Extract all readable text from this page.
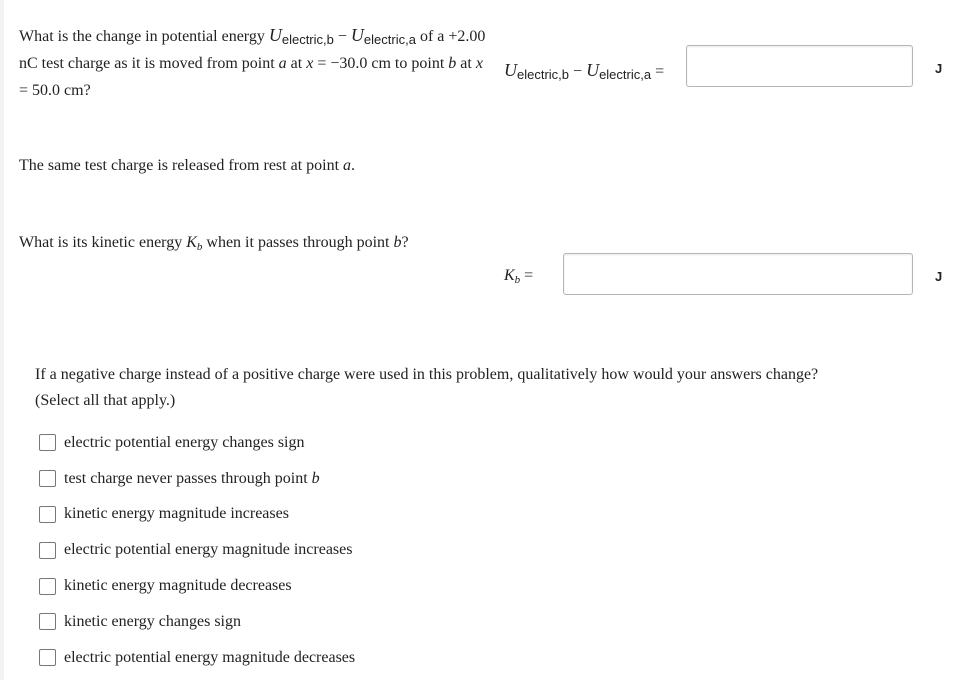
What is the change in potential energy Uelectric,b − Uelectric,a of a +2.00 nC test charge as it is moved from point a at x = −30.0 cm to point b at x = 50.0 cm?
Uelectric,b − Uelectric,a =	J
The same test charge is released from rest at point a.
What is its kinetic energy Kb when it passes through point b?
Kb =	J
If a negative charge instead of a positive charge were used in this problem, qualitatively how would your answers change?
(Select all that apply.)
electric potential energy changes sign
test charge never passes through point b
kinetic energy magnitude increases
electric potential energy magnitude increases
kinetic energy magnitude decreases
kinetic energy changes sign
electric potential energy magnitude decreases
